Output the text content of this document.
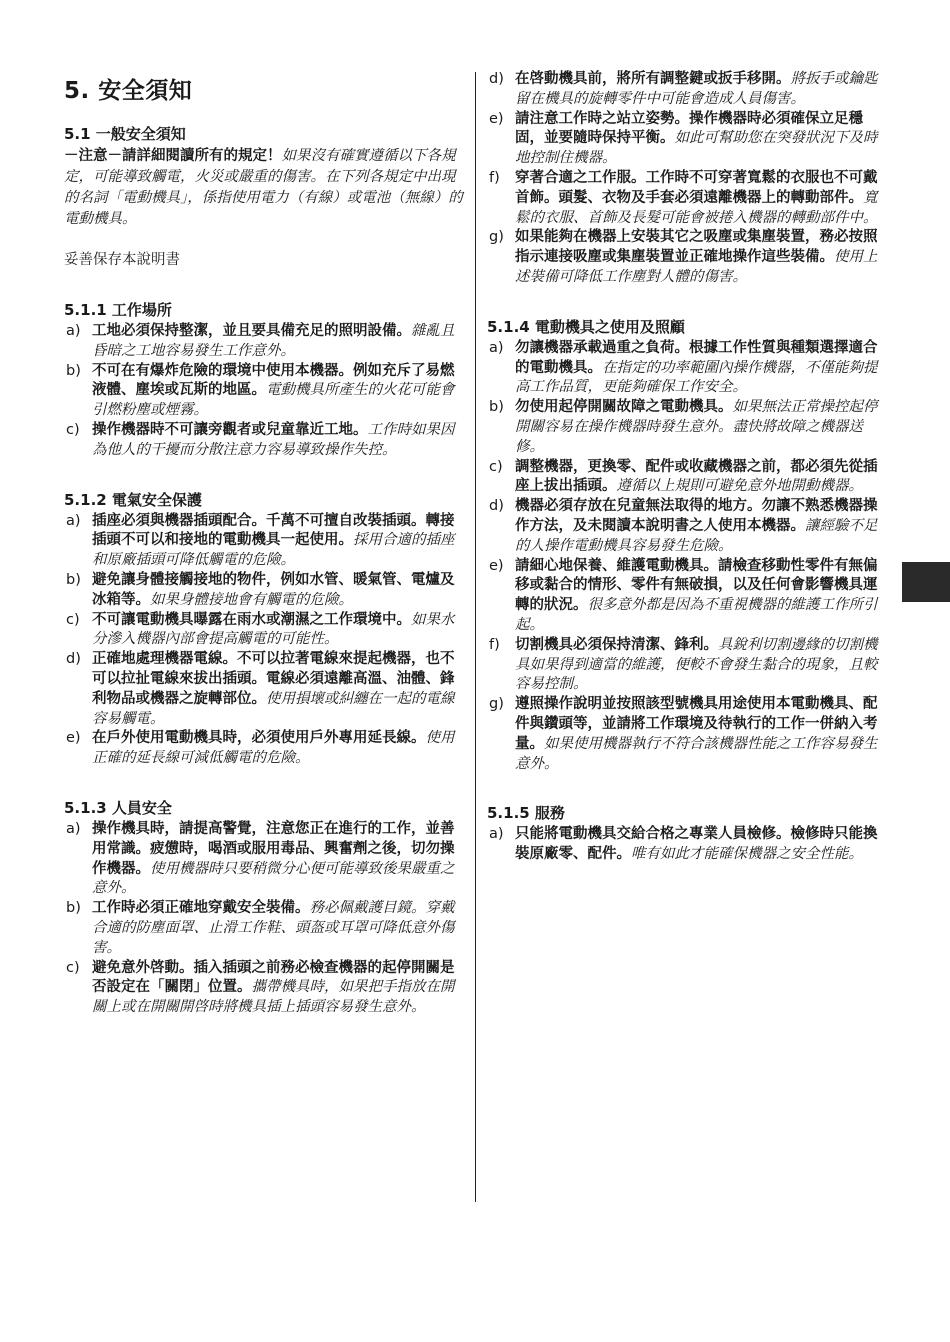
5. 安全須知
5.1 一般安全須知

－注意－請詳細閱讀所有的規定！如果沒有確實遵循以下各規定，可能導致觸電，火災或嚴重的傷害。在下列各規定中出現的名詞「電動機具」，係指使用電力（有線）或電池（無線）的電動機具。

妥善保存本說明書

5.1.1 工作場所
a) 工地必須保持整潔，並且要具備充足的照明設備。雜亂且昏暗之工地容易發生工作意外。
b) 不可在有爆炸危險的環境中使用本機器。例如充斥了易燃液體、塵埃或瓦斯的地區。電動機具所產生的火花可能會引燃粉塵或煙霧。
c) 操作機器時不可讓旁觀者或兒童靠近工地。工作時如果因為他人的干擾而分散注意力容易導致操作失控。
5.1.2 電氣安全保護
a) 插座必須與機器插頭配合。千萬不可擅自改裝插頭。轉接插頭不可以和接地的電動機具一起使用。採用合適的插座和原廠插頭可降低觸電的危險。
b) 避免讓身體接觸接地的物件，例如水管、暖氣管、電爐及冰箱等。如果身體接地會有觸電的危險。
c) 不可讓電動機具曝露在雨水或潮濕之工作環境中。如果水分滲入機器內部會提高觸電的可能性。
d) 正確地處理機器電線。不可以拉著電線來提起機器，也不可以拉扯電線來拔出插頭。電線必須遠離高溫、油體、鋒利物品或機器之旋轉部位。使用損壞或糾纏在一起的電線容易觸電。
e) 在戶外使用電動機具時，必須使用戶外專用延長線。使用正確的延長線可減低觸電的危險。
5.1.3 人員安全
a) 操作機具時，請提高警覺，注意您正在進行的工作，並善用常識。疲憊時，喝酒或服用毒品、興奮劑之後，切勿操作機器。使用機器時只要稍微分心便可能導致後果嚴重之意外。
b) 工作時必須正確地穿戴安全裝備。務必佩戴護目鏡。穿戴合適的防塵面罩、止滑工作鞋、頭盔或耳罩可降低意外傷害。
c) 避免意外啓動。插入插頭之前務必檢查機器的起停開關是否設定在「關閉」位置。攜帶機具時，如果把手指放在開關上或在開關開啓時將機具插上插頭容易發生意外。
d) 在啓動機具前，將所有調整鍵或扳手移開。將扳手或鑰匙留在機具的旋轉零件中可能會造成人員傷害。
e) 請注意工作時之站立姿勢。操作機器時必須確保立足穩固，並要隨時保持平衡。如此可幫助您在突發狀況下及時地控制住機器。
f) 穿著合適之工作服。工作時不可穿著寬鬆的衣服也不可戴首飾。頭髮、衣物及手套必須遠離機器上的轉動部件。寬鬆的衣服、首飾及長髮可能會被捲入機器的轉動部件中。
g) 如果能夠在機器上安裝其它之吸塵或集塵裝置，務必按照指示連接吸塵或集塵裝置並正確地操作這些裝備。使用上述裝備可降低工作塵對人體的傷害。
5.1.4 電動機具之使用及照顧
a) 勿讓機器承載過重之負荷。根據工作性質與種類選擇適合的電動機具。在指定的功率範圍內操作機器，不僅能夠提高工作品質，更能夠確保工作安全。
b) 勿使用起停開關故障之電動機具。如果無法正常操控起停開關容易在操作機器時發生意外。盡快將故障之機器送修。
c) 調整機器，更換零、配件或收藏機器之前，都必須先從插座上拔出插頭。遵循以上規則可避免意外地開動機器。
d) 機器必須存放在兒童無法取得的地方。勿讓不熟悉機器操作方法，及未閱讀本說明書之人使用本機器。讓經驗不足的人操作電動機具容易發生危險。
e) 請細心地保養、維護電動機具。請檢查移動性零件有無偏移或黏合的情形、零件有無破損，以及任何會影響機具運轉的狀況。很多意外都是因為不重視機器的維護工作所引起。
f) 切割機具必須保持清潔、鋒利。具銳利切割邊緣的切割機具如果得到適當的維護，便較不會發生黏合的現象，且較容易控制。
g) 遵照操作說明並按照該型號機具用途使用本電動機具、配件與鑽頭等，並請將工作環境及待執行的工作一併納入考量。如果使用機器執行不符合該機器性能之工作容易發生意外。
5.1.5 服務
a) 只能將電動機具交給合格之專業人員檢修。檢修時只能換裝原廠零、配件。唯有如此才能確保機器之安全性能。
